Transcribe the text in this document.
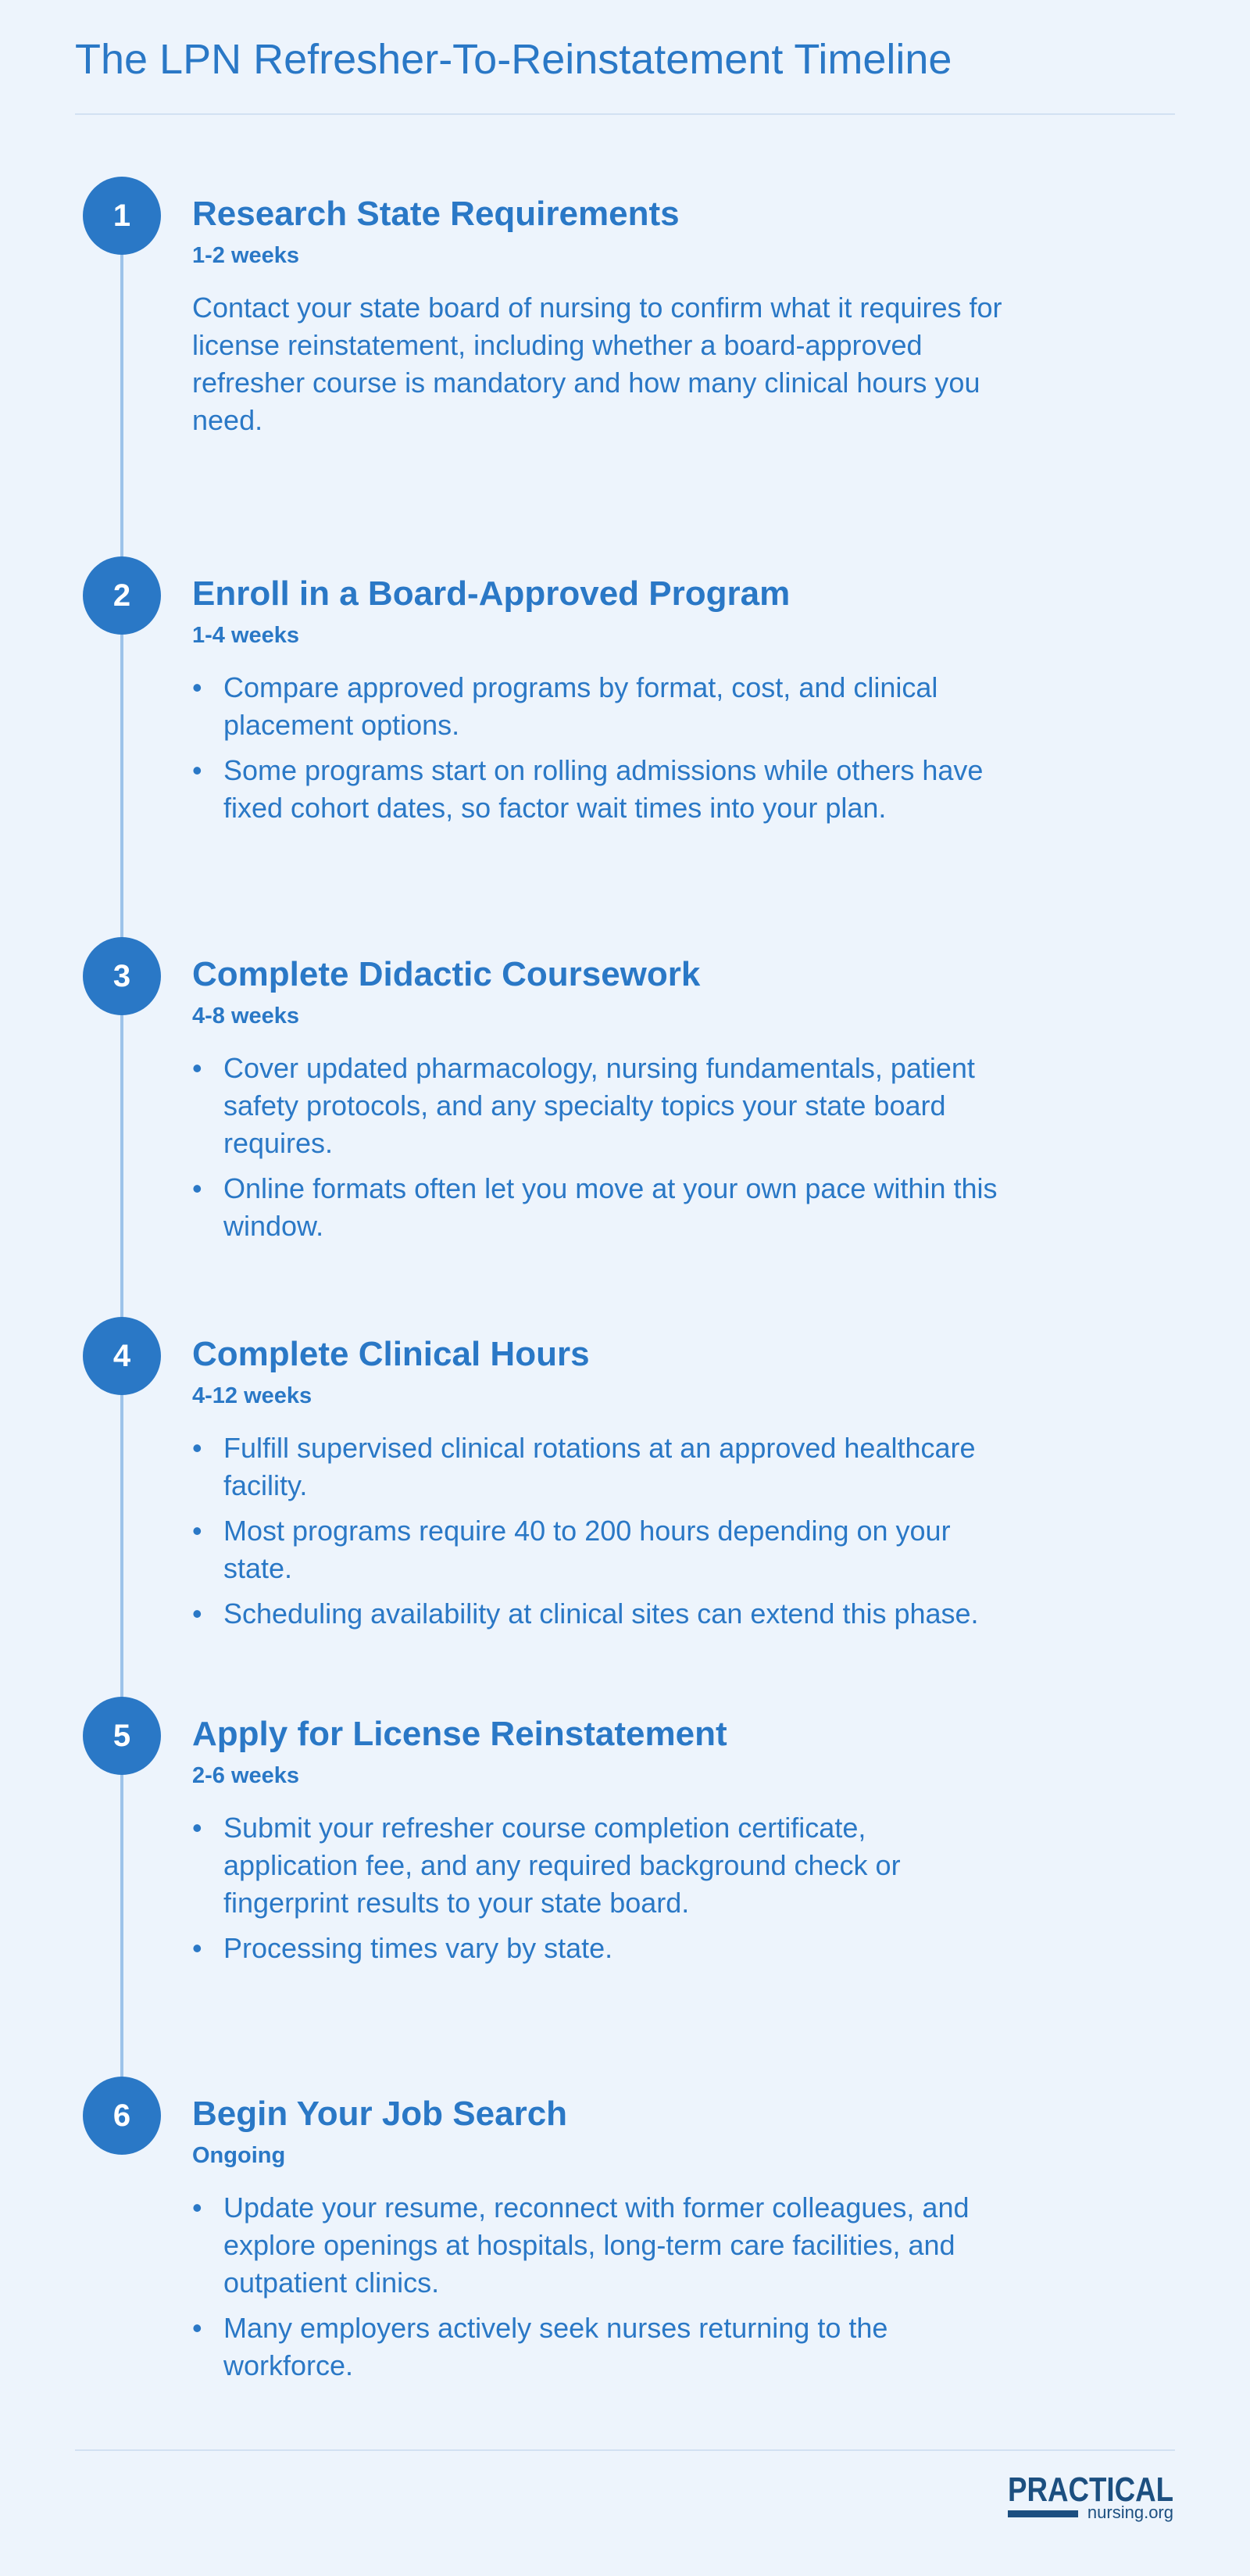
The LPN Refresher-To-Reinstatement Timeline
1	Research State Requirements
1-2 weeks
Contact your state board of nursing to confirm what it requires for license reinstatement, including whether a board-approved refresher course is mandatory and how many clinical hours you need.
2	Enroll in a Board-Approved Program
1-4 weeks
• Compare approved programs by format, cost, and clinical placement options.
• Some programs start on rolling admissions while others have fixed cohort dates, so factor wait times into your plan.
3	Complete Didactic Coursework
4-8 weeks
• Cover updated pharmacology, nursing fundamentals, patient safety protocols, and any specialty topics your state board requires.
• Online formats often let you move at your own pace within this window.
4	Complete Clinical Hours
4-12 weeks
• Fulfill supervised clinical rotations at an approved healthcare facility.
• Most programs require 40 to 200 hours depending on your state.
• Scheduling availability at clinical sites can extend this phase.
5	Apply for License Reinstatement
2-6 weeks
• Submit your refresher course completion certificate, application fee, and any required background check or fingerprint results to your state board.
• Processing times vary by state.
6	Begin Your Job Search
Ongoing
• Update your resume, reconnect with former colleagues, and explore openings at hospitals, long-term care facilities, and outpatient clinics.
• Many employers actively seek nurses returning to the workforce.
PRACTICAL
nursing.org
